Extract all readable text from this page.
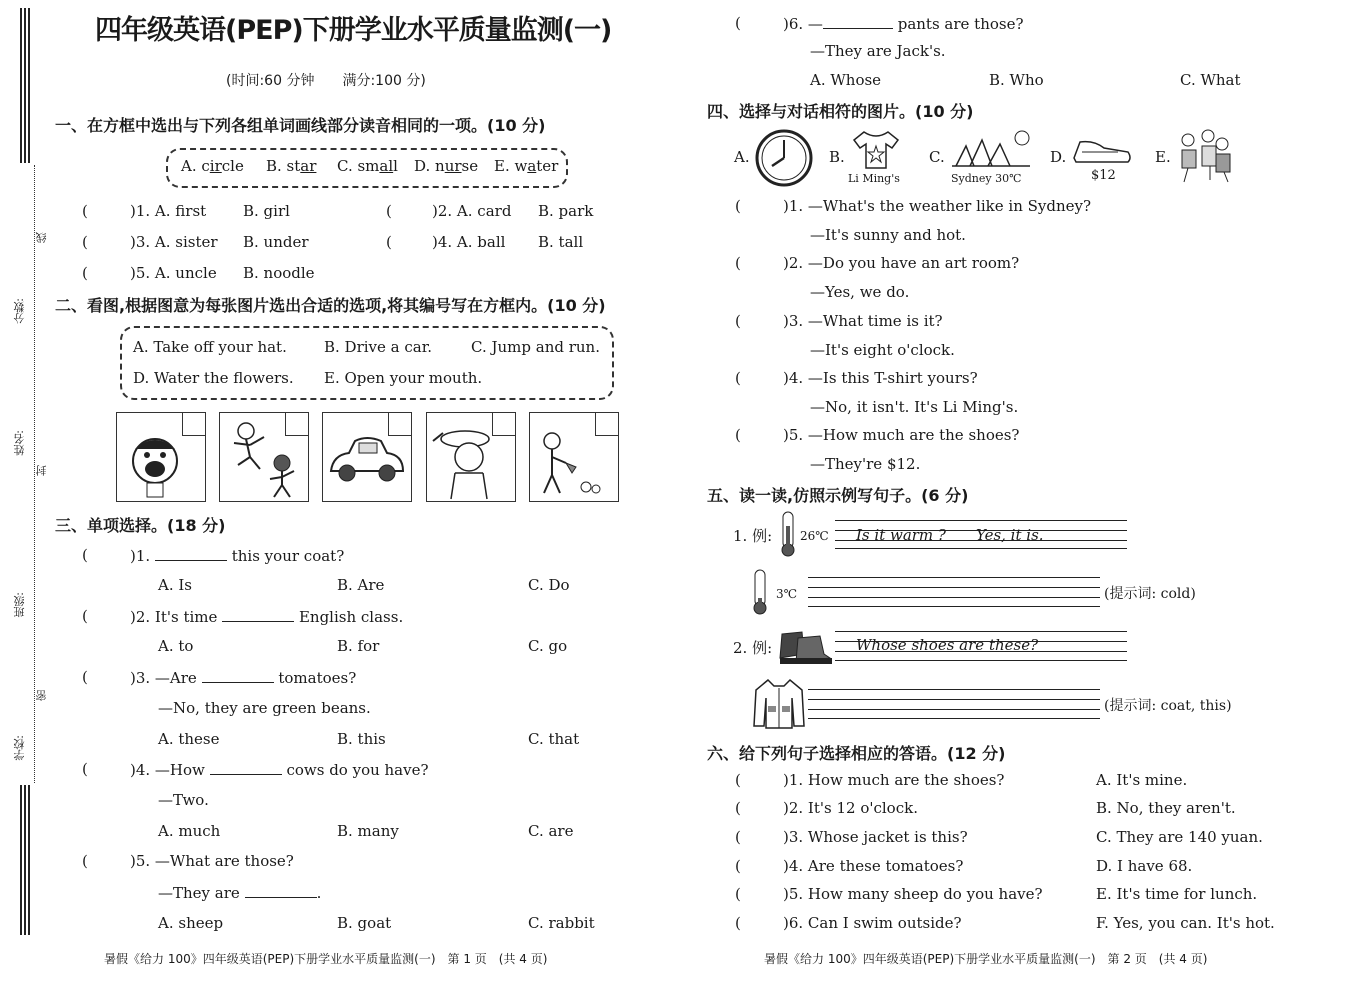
分数:
线
姓名:
封
班级:
学校:
密
四年级英语(PEP)下册学业水平质量监测(一)
(时间:60 分钟　　满分:100 分)
一、在方框中选出与下列各组单词画线部分读音相同的一项。(10 分)
A. circle B. star C. small D. nurse E. water
(	)1. A. first B. girl	(	)2. A. card B. park
(	)3. A. sister B. under	(	)4. A. ball B. tall
(	)5. A. uncle B. noodle
二、看图,根据图意为每张图片选出合适的选项,将其编号写在方框内。(10 分)
A. Take off your hat. B. Drive a car.	C. Jump and run.
D. Water the flowers. E. Open your mouth.
三、单项选择。(18 分)
(	)1.	this your coat?
A. Is	B. Are	C. Do
(	)2. It's time	English class.
A. to	B. for	C. go
(	)3. —Are	tomatoes?
—No, they are green beans.
A. these	B. this	C. that
(	)4. —How	cows do you have?
—Two.
A. much	B. many	C. are
(	)5. —What are those?
—They are	.
A. sheep	B. goat	C. rabbit
暑假《给力 100》四年级英语(PEP)下册学业水平质量监测(一)　第 1 页　(共 4 页)
(	)6. —	pants are those?
—They are Jack's.
A. Whose	B. Who	C. What
四、选择与对话相符的图片。(10 分)
A.	B.
Li Ming's
C.
Sydney 30℃
D.
$12
E.
(	)1. —What's the weather like in Sydney?
—It's sunny and hot.
(	)2. —Do you have an art room?
—Yes, we do.
(	)3. —What time is it?
—It's eight o'clock.
(	)4. —Is this T-shirt yours?
—No, it isn't. It's Li Ming's.
(	)5. —How much are the shoes?
—They're $12.
五、读一读,仿照示例写句子。(6 分)
1. 例: 26℃ Is it warm ?　　Yes, it is.
3℃	(提示词: cold)
2. 例:	Whose shoes are these?
(提示词: coat, this)
六、给下列句子选择相应的答语。(12 分)
(	)1. How much are the shoes?	A. It's mine.
(	)2. It's 12 o'clock.	B. No, they aren't.
(	)3. Whose jacket is this?	C. They are 140 yuan.
(	)4. Are these tomatoes?	D. I have 68.
(	)5. How many sheep do you have?	E. It's time for lunch.
(	)6. Can I swim outside?	F. Yes, you can. It's hot.
暑假《给力 100》四年级英语(PEP)下册学业水平质量监测(一)　第 2 页　(共 4 页)
